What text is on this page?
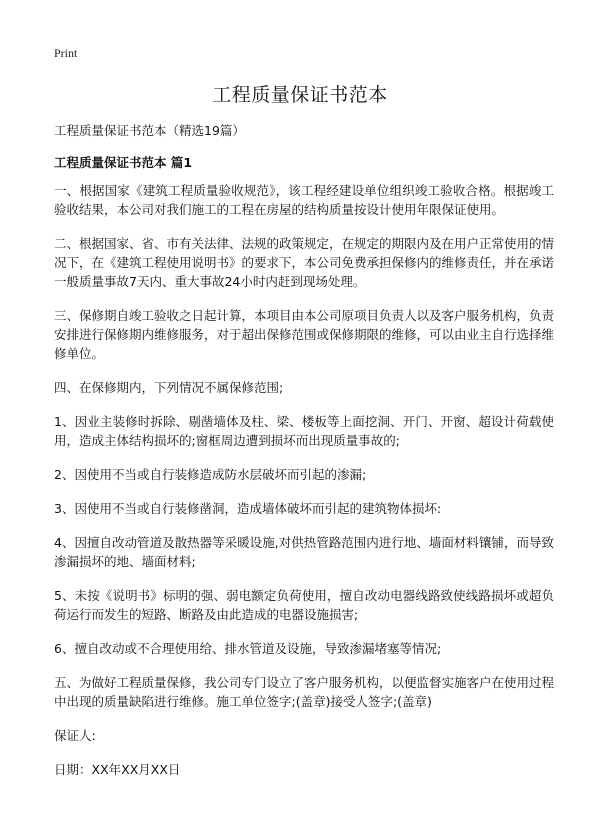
Print
工程质量保证书范本
工程质量保证书范本（精选19篇）
工程质量保证书范本 篇1

一、根据国家《建筑工程质量验收规范》，该工程经建设单位组织竣工验收合格。根据竣工验收结果，本公司对我们施工的工程在房屋的结构质量按设计使用年限保证使用。

二、根据国家、省、市有关法律、法规的政策规定，在规定的期限内及在用户正常使用的情况下，在《建筑工程使用说明书》的要求下，本公司免费承担保修内的维修责任，并在承诺一般质量事故7天内、重大事故24小时内赶到现场处理。

三、保修期自竣工验收之日起计算，本项目由本公司原项目负责人以及客户服务机构，负责安排进行保修期内维修服务，对于超出保修范围或保修期限的维修，可以由业主自行选择维修单位。

四、在保修期内，下列情况不属保修范围;

1、因业主装修时拆除、剔凿墙体及柱、梁、楼板等上面挖洞、开门、开窗、超设计荷载使用，造成主体结构损坏的;窗框周边遭到损坏而出现质量事故的;

2、因使用不当或自行装修造成防水层破坏而引起的渗漏;

3、因使用不当或自行装修凿洞，造成墙体破坏而引起的建筑物体损坏:

4、因擅自改动管道及散热器等采暖设施,对供热管路范围内进行地、墙面材料镶铺，而导致渗漏损坏的地、墙面材料;

5、未按《说明书》标明的强、弱电额定负荷使用，擅自改动电器线路致使线路损坏或超负荷运行而发生的短路、断路及由此造成的电器设施损害;

6、擅自改动或不合理使用给、排水管道及设施，导致渗漏堵塞等情况;

五、为做好工程质量保修，我公司专门设立了客户服务机构，以便监督实施客户在使用过程中出现的质量缺陷进行维修。施工单位签字;(盖章)接受人签字;(盖章)

保证人:

日期：XX年XX月XX日
